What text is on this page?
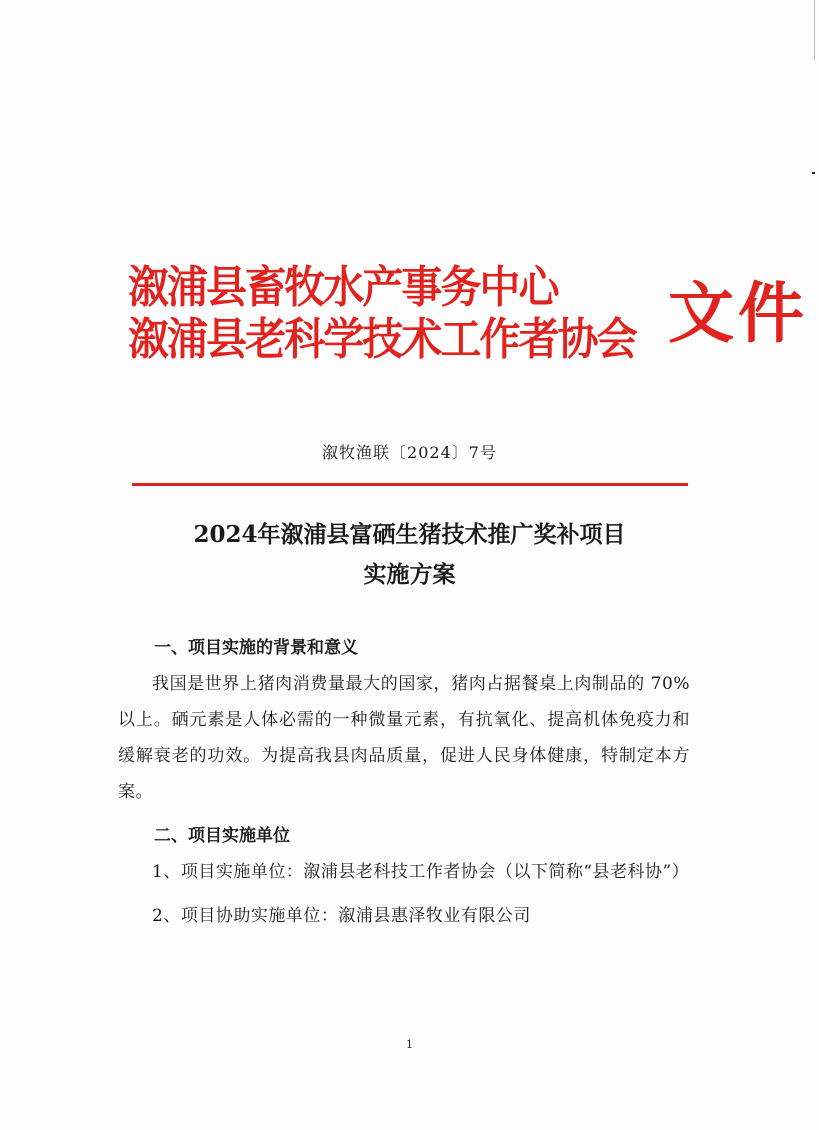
溆浦县畜牧水产事务中心
溆浦县老科学技术工作者协会 文件
溆牧渔联〔2024〕7号
2024年溆浦县富硒生猪技术推广奖补项目
实施方案

一、项目实施的背景和意义

我国是世界上猪肉消费量最大的国家，猪肉占据餐桌上肉制品的 70%以上。硒元素是人体必需的一种微量元素，有抗氧化、提高机体免疫力和缓解衰老的功效。为提高我县肉品质量，促进人民身体健康，特制定本方案。

二、项目实施单位

1、项目实施单位：溆浦县老科技工作者协会（以下简称“县老科协”）

2、项目协助实施单位：溆浦县惠泽牧业有限公司

1
